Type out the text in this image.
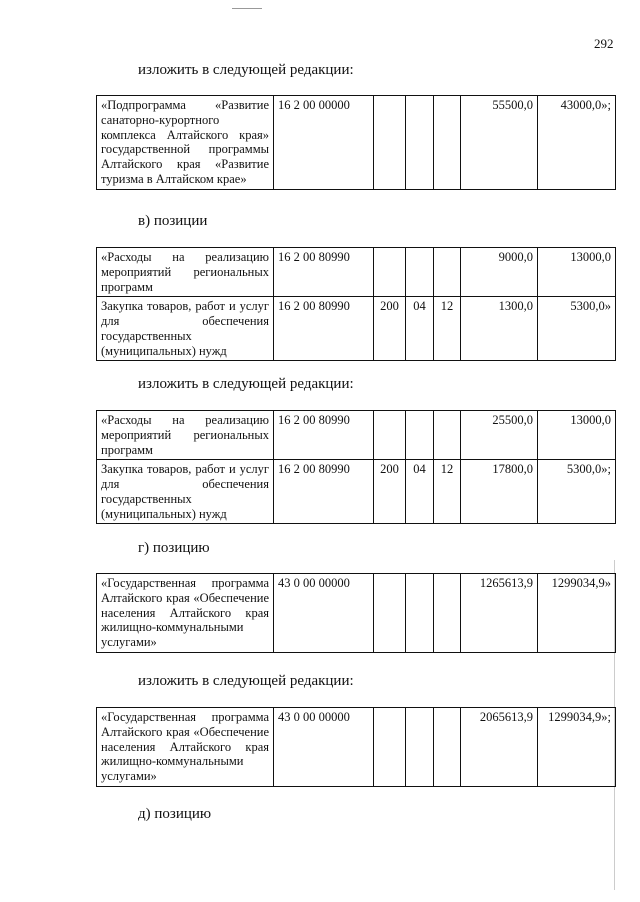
292
изложить в следующей редакции:
«Подпрограмма «Развитие санаторно-курортного комплекса Алтайского края» государственной программы Алтайского края «Развитие туризма в Алтайском крае»	16 2 00 00000				55500,0	43000,0»;
в) позиции
«Расходы на реализацию мероприятий региональных программ	16 2 00 80990				9000,0	13000,0
Закупка товаров, работ и услуг для обеспечения государственных (муниципальных) нужд	16 2 00 80990	200	04	12	1300,0	5300,0»
изложить в следующей редакции:
«Расходы на реализацию мероприятий региональных программ	16 2 00 80990				25500,0	13000,0
Закупка товаров, работ и услуг для обеспечения государственных (муниципальных) нужд	16 2 00 80990	200	04	12	17800,0	5300,0»;
г) позицию
«Государственная программа Алтайского края «Обеспечение населения Алтайского края жилищно-коммунальными услугами»	43 0 00 00000				1265613,9	1299034,9»
изложить в следующей редакции:
«Государственная программа Алтайского края «Обеспечение населения Алтайского края жилищно-коммунальными услугами»	43 0 00 00000				2065613,9	1299034,9»;
д) позицию
